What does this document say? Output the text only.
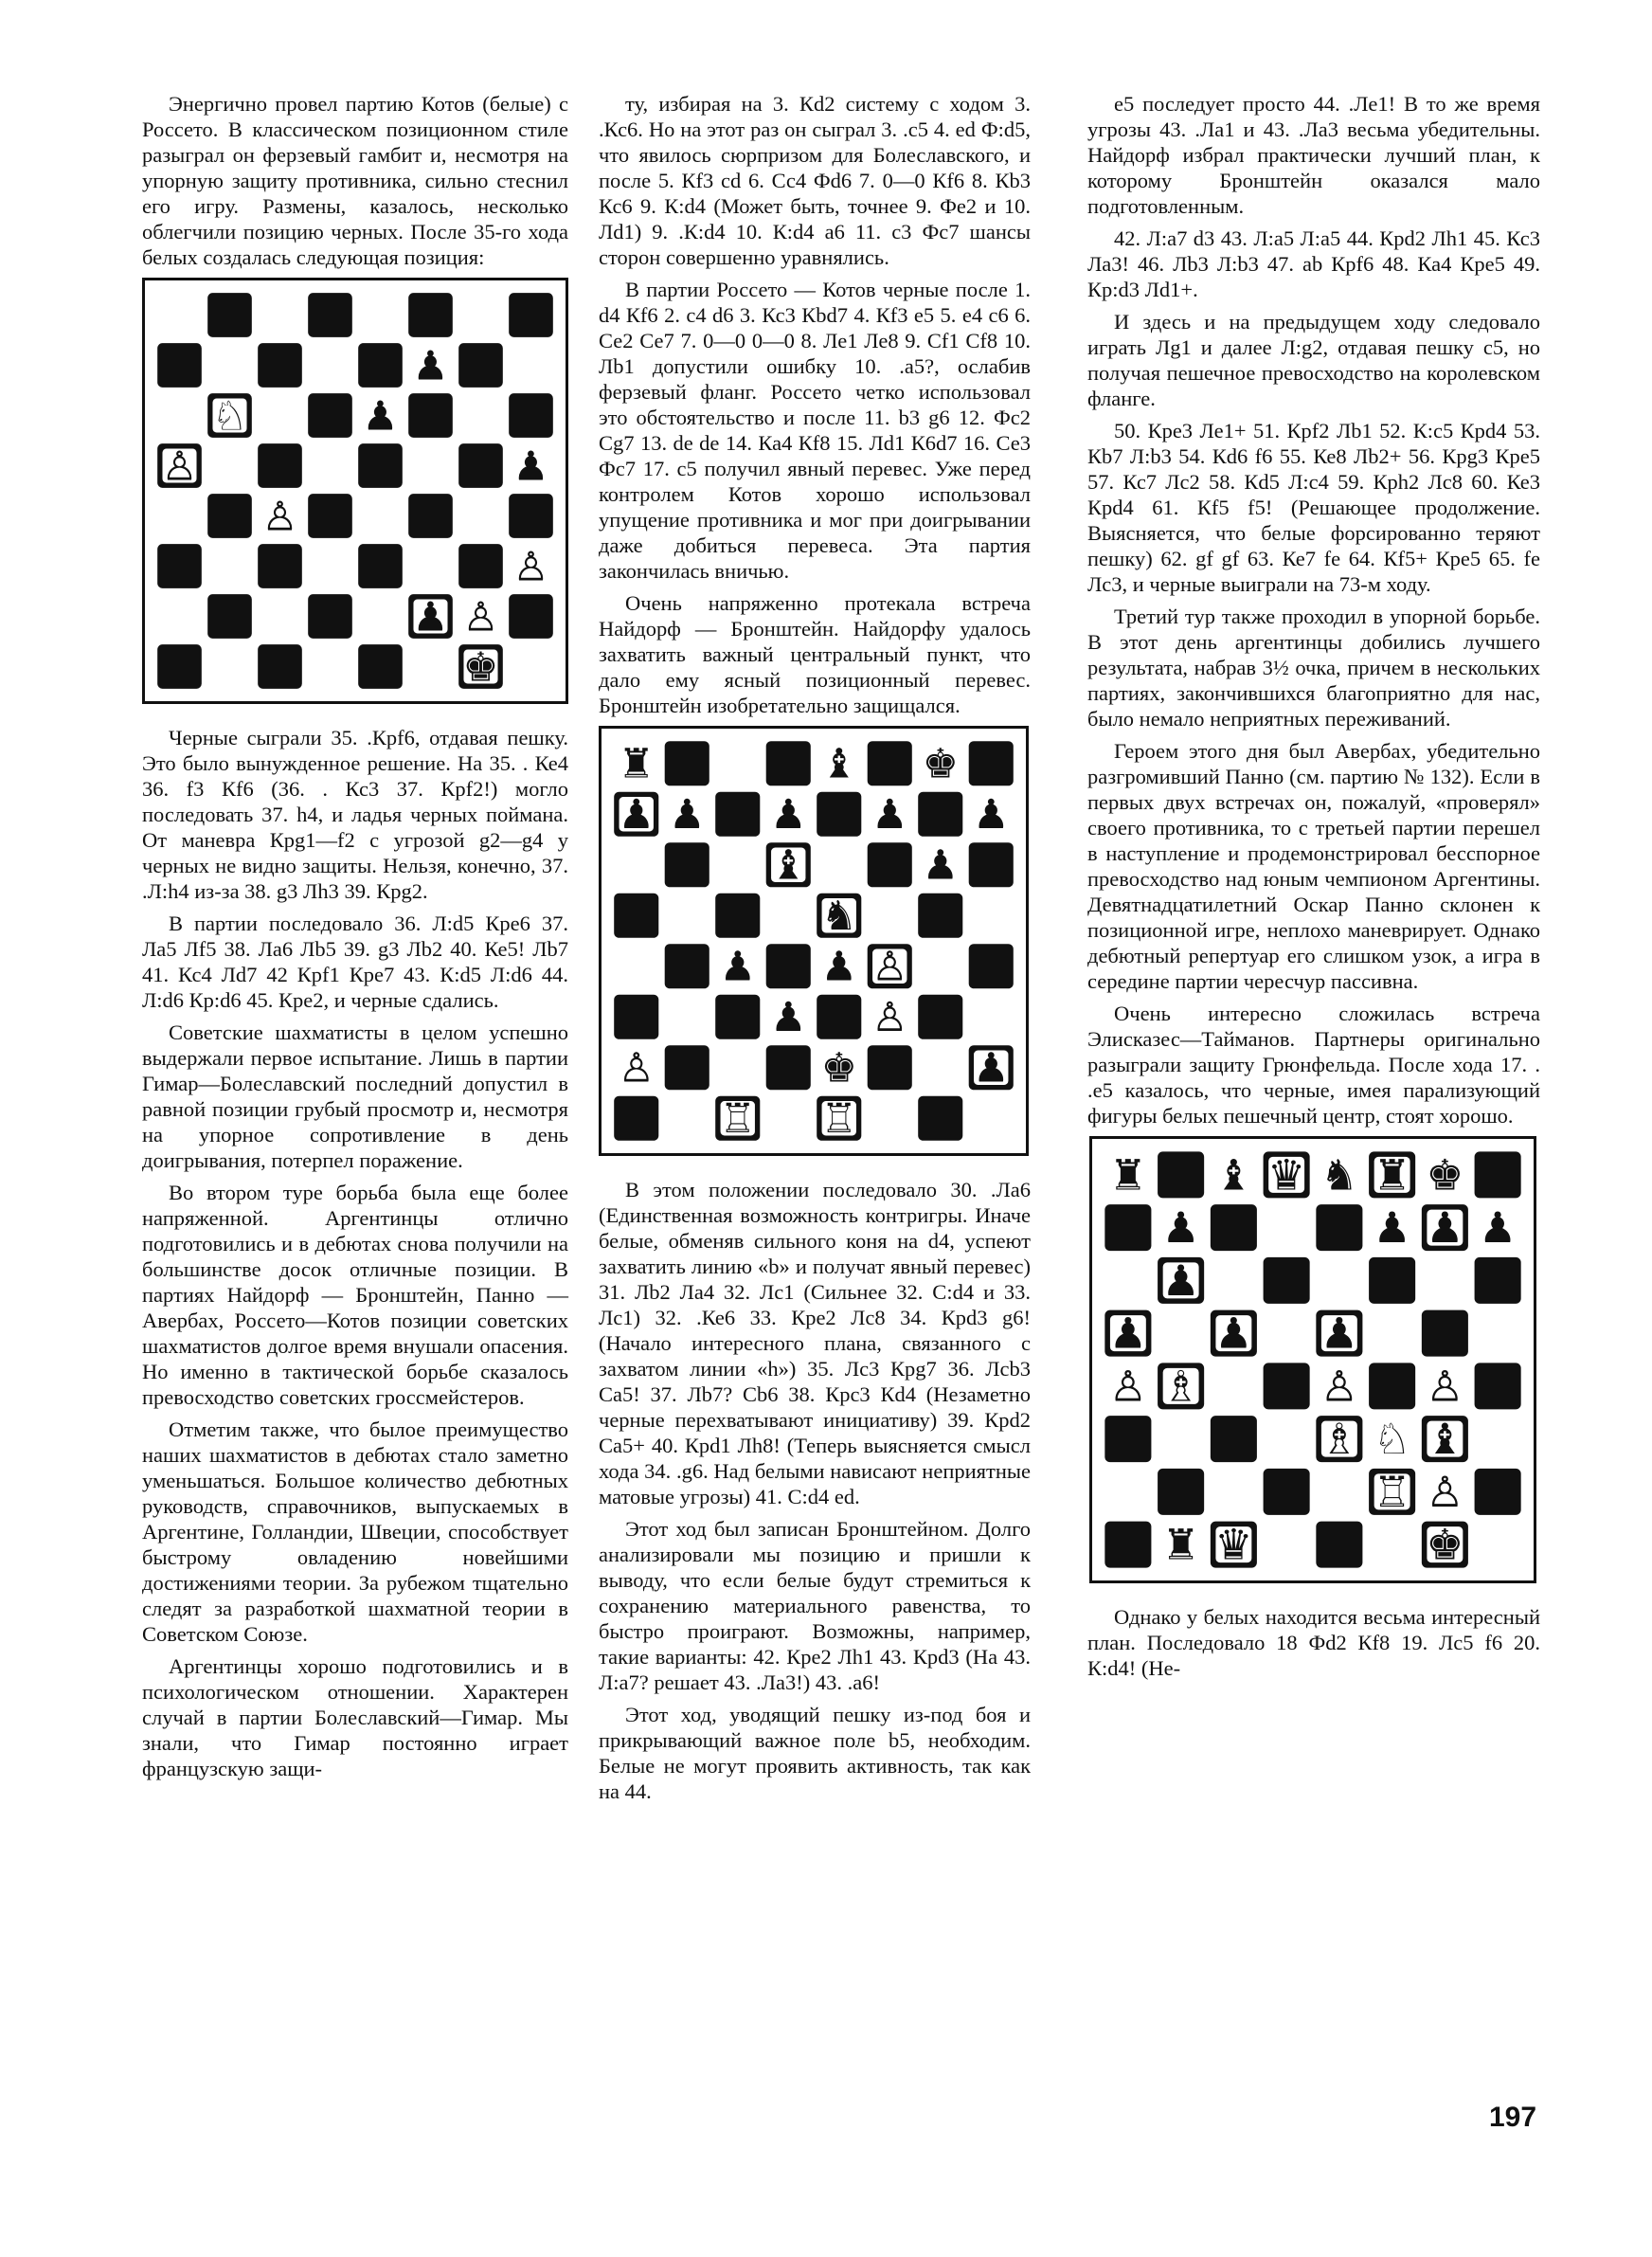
Энергично провел партию Котов (белые) с Россето. В классическом позиционном стиле разыграл он ферзевый гамбит и, несмотря на упорную защиту противника, сильно стеснил его игру. Размены, казалось, несколько облегчили позицию черных. После 35-го хода белых создалась следующая позиция:

♟
♘	♟
♙	♟
♙
♙
♟ ♙
♚

Черные сыграли 35. .Крf6, отдавая пешку. Это было вынужденное решение. На 35. . Ке4 36. f3 Кf6 (36. . Кс3 37. Крf2!) могло последовать 37. h4, и ладья черных поймана. От маневра Крg1—f2 с угрозой g2—g4 у черных не видно защиты. Нельзя, конечно, 37. .Л:h4 из-за 38. g3 Лh3 39. Крg2.

В партии последовало 36. Л:d5 Кре6 37. Ла5 Лf5 38. Ла6 Лb5 39. g3 Лb2 40. Ке5! Лb7 41. Кс4 Лd7 42 Крf1 Кре7 43. К:d5 Л:d6 44. Л:d6 Кр:d6 45. Кре2, и черные сдались.

Советские шахматисты в целом успешно выдержали первое испытание. Лишь в партии Гимар—Болеславский последний допустил в равной позиции грубый просмотр и, несмотря на упорное сопротивление в день доигрывания, потерпел поражение.

Во втором туре борьба была еще более напряженной. Аргентинцы отлично подготовились и в дебютах снова получили на большинстве досок отличные позиции. В партиях Найдорф — Бронштейн, Панно — Авербах, Россето—Котов позиции советских шахматистов долгое время внушали опасения. Но именно в тактической борьбе сказалось превосходство советских гроссмейстеров.

Отметим также, что былое преимущество наших шахматистов в дебютах стало заметно уменьшаться. Большое количество дебютных руководств, справочников, выпускаемых в Аргентине, Голландии, Швеции, способствует быстрому овладению новейшими достижениями теории. За рубежом тщательно следят за разработкой шахматной теории в Советском Союзе.

Аргентинцы хорошо подготовились и в психологическом отношении. Характерен случай в партии Болеславский—Гимар. Мы знали, что Гимар постоянно играет французскую защи-

ту, избирая на 3. Кd2 систему с ходом 3. .Кс6. Но на этот раз он сыграл 3. .с5 4. ed Ф:d5, что явилось сюрпризом для Болеславского, и после 5. Кf3 cd 6. Сс4 Фd6 7. 0—0 Кf6 8. Кb3 Кс6 9. К:d4 (Может быть, точнее 9. Фе2 и 10. Лd1) 9. .К:d4 10. К:d4 а6 11. с3 Фс7 шансы сторон совершенно уравнялись.

В партии Россето — Котов черные после 1. d4 Кf6 2. c4 d6 3. Кс3 Кbd7 4. Кf3 е5 5. е4 с6 6. Се2 Се7 7. 0—0 0—0 8. Ле1 Ле8 9. Сf1 Сf8 10. Лb1 допустили ошибку 10. .а5?, ослабив ферзевый фланг. Россето четко использовал это обстоятельство и после 11. b3 g6 12. Фс2 Сg7 13. de de 14. Ка4 Кf8 15. Лd1 К6d7 16. Се3 Фс7 17. с5 получил явный перевес. Уже перед контролем Котов хорошо использовал упущение противника и мог при доигрывании даже добиться перевеса. Эта партия закончилась вничью.

Очень напряженно протекала встреча Найдорф — Бронштейн. Найдорфу удалось захватить важный центральный пункт, что дало ему ясный позиционный перевес. Бронштейн изобретательно защищался.

♜	♝ ♚
♟ ♟ ♟ ♟ ♟
♝	♟
♞
♟ ♟ ♙
♟ ♙
♙	♚	♟
♖ ♖

В этом положении последовало 30. .Ла6 (Единственная возможность контригры. Иначе белые, обменяв сильного коня на d4, успеют захватить линию «b» и получат явный перевес) 31. Лb2 Ла4 32. Лс1 (Сильнее 32. С:d4 и 33. Лс1) 32. .Ке6 33. Кре2 Лс8 34. Крd3 g6! (Начало интересного плана, связанного с захватом линии «h») 35. Лс3 Крg7 36. Лсb3 Са5! 37. Лb7? Сb6 38. Крс3 Кd4 (Незаметно черные перехватывают инициативу) 39. Крd2 Са5+ 40. Крd1 Лh8! (Теперь выясняется смысл хода 34. .g6. Над белыми нависают неприятные матовые угрозы) 41. С:d4 ed.

Этот ход был записан Бронштейном. Долго анализировали мы позицию и пришли к выводу, что если белые будут стремиться к сохранению материального равенства, то быстро проиграют. Возможны, например, такие варианты: 42. Кре2 Лh1 43. Крd3 (На 43. Л:а7? решает 43. .Ла3!) 43. .а6!

Этот ход, уводящий пешку из-под боя и прикрывающий важное поле b5, необходим. Белые не могут проявить активность, так как на 44.

е5 последует просто 44. .Ле1! В то же время угрозы 43. .Ла1 и 43. .Ла3 весьма убедительны. Найдорф избрал практически лучший план, к которому Бронштейн оказался мало подготовленным.

42. Л:а7 d3 43. Л:а5 Л:а5 44. Крd2 Лh1 45. Кс3 Ла3! 46. Лb3 Л:b3 47. ab Крf6 48. Ка4 Кре5 49. Кр:d3 Лd1+.

И здесь и на предыдущем ходу следовало играть Лg1 и далее Л:g2, отдавая пешку с5, но получая пешечное превосходство на королевском фланге.

50. Кре3 Ле1+ 51. Крf2 Лb1 52. К:с5 Крd4 53. Кb7 Л:b3 54. Кd6 f6 55. Ке8 Лb2+ 56. Крg3 Кре5 57. Кс7 Лс2 58. Кd5 Л:с4 59. Крh2 Лс8 60. Ке3 Крd4 61. Кf5 f5! (Решающее продолжение. Выясняется, что белые форсированно теряют пешку) 62. gf gf 63. Ке7 fe 64. Кf5+ Кре5 65. fe Лс3, и черные выиграли на 73-м ходу.

Третий тур также проходил в упорной борьбе. В этот день аргентинцы добились лучшего результата, набрав 3½ очка, причем в нескольких партиях, закончившихся благоприятно для нас, было немало неприятных переживаний.

Героем этого дня был Авербах, убедительно разгромивший Панно (см. партию № 132). Если в первых двух встречах он, пожалуй, «проверял» своего противника, то с третьей партии перешел в наступление и продемонстрировал бесспорное превосходство над юным чемпионом Аргентины. Девятнадцатилетний Оскар Панно склонен к позиционной игре, неплохо маневрирует. Однако дебютный репертуар его слишком узок, а игра в середине партии чересчур пассивна.

Очень интересно сложилась встреча Элисказес—Тайманов. Партнеры оригинально разыграли защиту Грюнфельда. После хода 17. . .е5 казалось, что черные, имея парализующий фигуры белых пешечный центр, стоят хорошо.

♜ ♝ ♛ ♞ ♜ ♚
♟	♟ ♟ ♟
♟
♟ ♟ ♟
♙ ♗	♙ ♙
♗ ♘ ♝
♖ ♙
♜ ♛	♚

Однако у белых находится весьма интересный план. Последовало 18 Фd2 Кf8 19. Лс5 f6 20. К:d4! (Не-

197
